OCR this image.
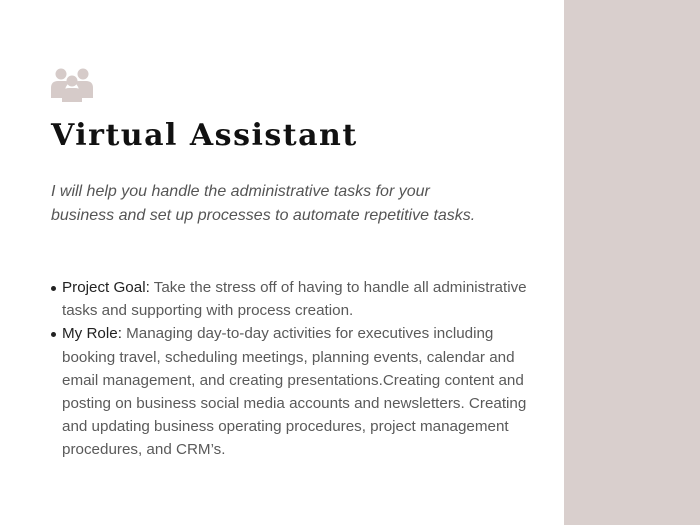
Virtual Assistant

I will help you handle the administrative tasks for your business and set up processes to automate repetitive tasks.

Project Goal: Take the stress off of having to handle all administrative tasks and supporting with process creation.
My Role: Managing day-to-day activities for executives including booking travel, scheduling meetings, planning events, calendar and email management, and creating presentations.Creating content and posting on business social media accounts and newsletters. Creating and updating business operating procedures, project management procedures, and CRM’s.
